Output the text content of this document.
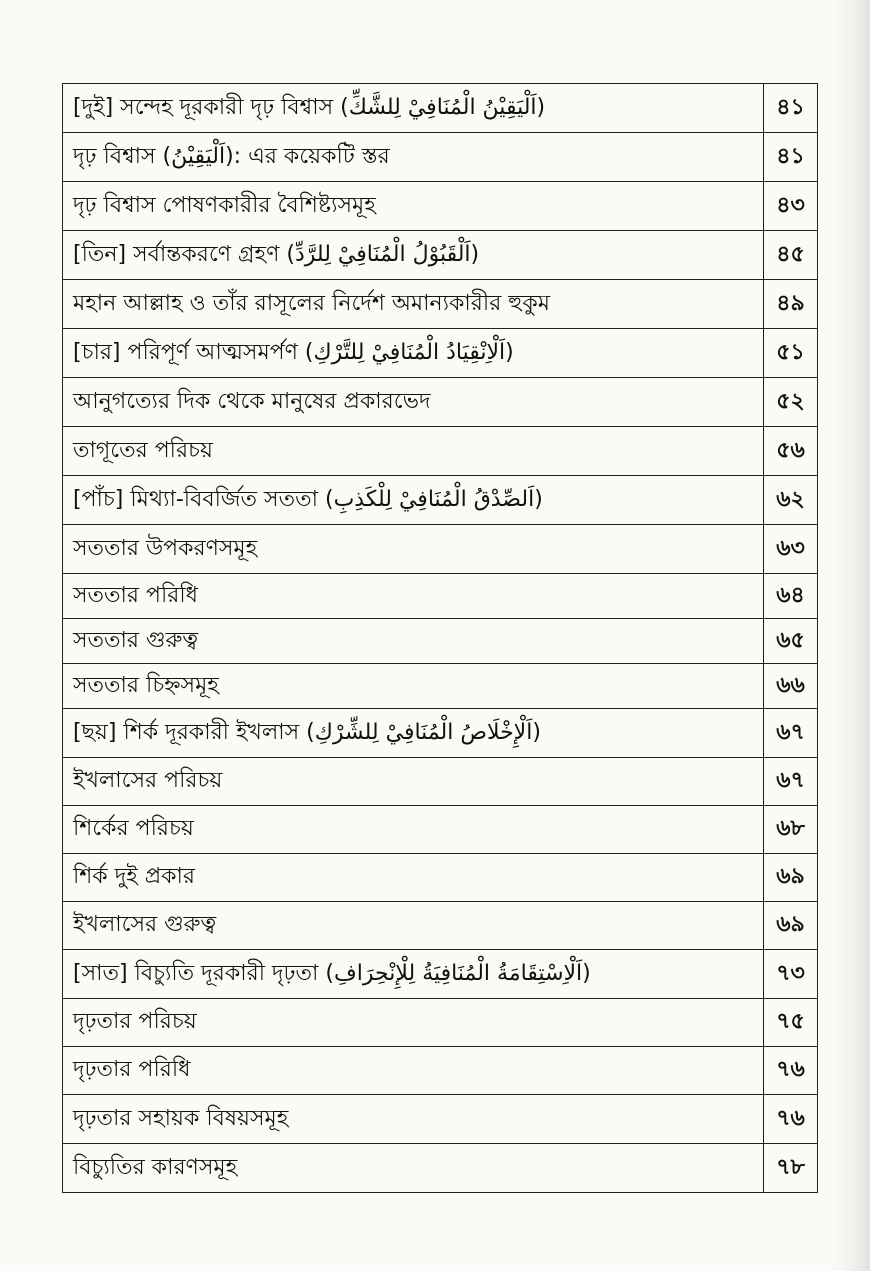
[দুই] সন্দেহ দূরকারী দৃঢ় বিশ্বাস (اَلْيَقِيْنُ الْمُنَافِيْ لِلشَّكِّ)	৪১
দৃঢ় বিশ্বাস (اَلْيَقِيْنُ): এর কয়েকটি স্তর	৪১
দৃঢ় বিশ্বাস পোষণকারীর বৈশিষ্ট্যসমূহ	৪৩
[তিন] সর্বান্তকরণে গ্রহণ (اَلْقَبُوْلُ الْمُنَافِيْ لِلرَّدِّ)	৪৫
মহান আল্লাহ ও তাঁর রাসূলের নির্দেশ অমান্যকারীর হুকুম	৪৯
[চার] পরিপূর্ণ আত্মসমর্পণ (اَلْاِنْقِيَادُ الْمُنَافِيْ لِلتَّرْكِ)	৫১
আনুগত্যের দিক থেকে মানুষের প্রকারভেদ	৫২
তাগূতের পরিচয়	৫৬
[পাঁচ] মিথ্যা-বিবর্জিত সততা (اَلصِّدْقُ الْمُنَافِيْ لِلْكَذِبِ)	৬২
সততার উপকরণসমূহ	৬৩
সততার পরিধি	৬৪
সততার গুরুত্ব	৬৫
সততার চিহ্নসমূহ	৬৬
[ছয়] শির্ক দূরকারী ইখলাস (اَلْإِخْلَاصُ الْمُنَافِيْ لِلشِّرْكِ)	৬৭
ইখলাসের পরিচয়	৬৭
শির্কের পরিচয়	৬৮
শির্ক দুই প্রকার	৬৯
ইখলাসের গুরুত্ব	৬৯
[সাত] বিচ্যুতি দূরকারী দৃঢ়তা (اَلْاِسْتِقَامَةُ الْمُنَافِيَةُ لِلْإِنْحِرَافِ)	৭৩
দৃঢ়তার পরিচয়	৭৫
দৃঢ়তার পরিধি	৭৬
দৃঢ়তার সহায়ক বিষয়সমূহ	৭৬
বিচ্যুতির কারণসমূহ	৭৮
